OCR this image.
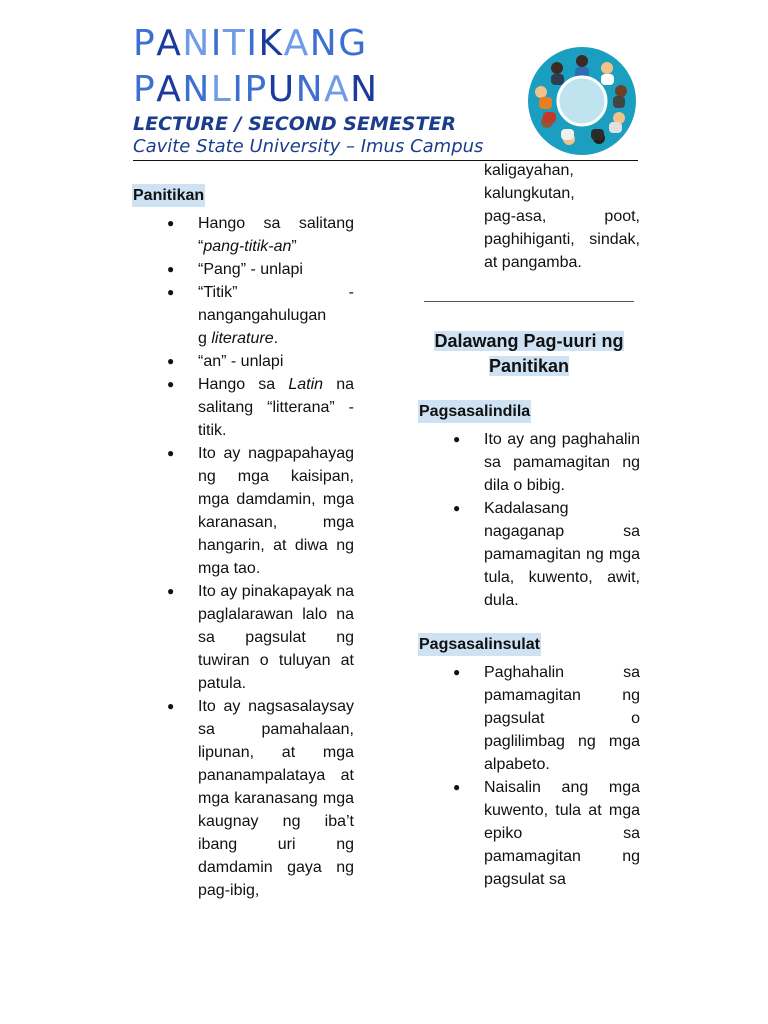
PANITIKANG
PANLIPUNAN
LECTURE / SECOND SEMESTER
Cavite State University – Imus Campus
Panitikan
● Hango sa salitang “pang-titik-an”
● “Pang” - unlapi
● “Titik” -
nangangahulugan
g literature.
● “an” - unlapi
● Hango sa Latin na salitang “litterana” - titik.
● Ito ay nagpapahayag ng mga kaisipan, mga damdamin, mga karanasan, mga hangarin, at diwa ng mga tao.
● Ito ay pinakapayak na paglalarawan lalo na sa pagsulat ng tuwiran o tuluyan at patula.
● Ito ay nagsasalaysay sa pamahalaan, lipunan, at mga pananampalataya at mga karanasang mga kaugnay ng iba’t ibang uri ng damdamin gaya ng pag-ibig,
kaligayahan,
kalungkutan,
pag-asa, poot, paghihiganti, sindak, at pangamba.
Dalawang Pag-uuri ng Panitikan
Pagsasalindila
● Ito ay ang paghahalin sa pamamagitan ng dila o bibig.
● Kadalasang nagaganap sa pamamagitan ng mga tula, kuwento, awit, dula.
Pagsasalinsulat
● Paghahalin sa pamamagitan ng pagsulat o paglilimbag ng mga alpabeto.
● Naisalin ang mga kuwento, tula at mga epiko sa pamamagitan ng pagsulat sa
